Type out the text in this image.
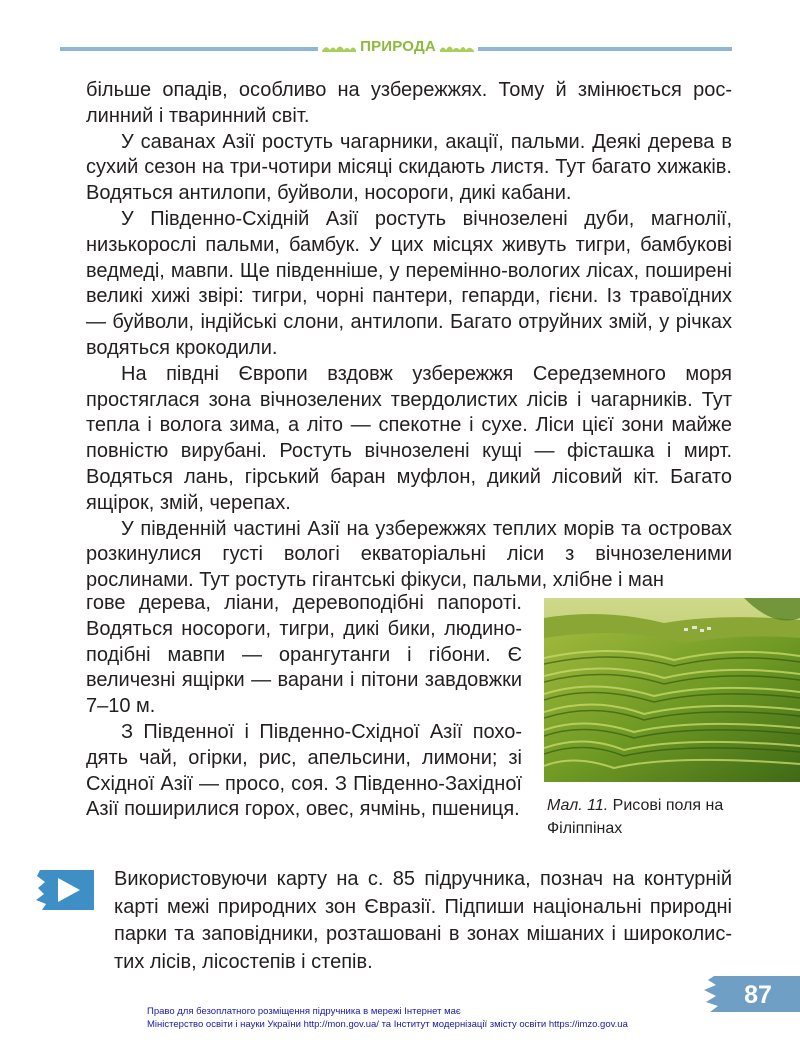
ПРИРОДА

більше опадів, особливо на узбережжях. Тому й змінюється рослинний і тваринний світ.

У саванах Азії ростуть чагарники, акації, пальми. Деякі дерева в сухий сезон на три-чотири місяці скидають листя. Тут багато хижаків. Водяться антилопи, буйволи, носороги, дикі кабани.

У Південно-Східній Азії ростуть вічнозелені дуби, магнолії, низькорослі пальми, бамбук. У цих місцях живуть тигри, бамбукові ведмеді, мавпи. Ще південніше, у перемінно-вологих лісах, поширені великі хижі звірі: тигри, чорні пантери, гепарди, гієни. Із травоїдних — буйволи, індійські слони, антилопи. Багато отруйних змій, у річках водяться крокодили.

На півдні Європи вздовж узбережжя Середземного моря простяглася зона вічнозелених твердолистих лісів і чагарників. Тут тепла і волога зима, а літо — спекотне і сухе. Ліси цієї зони майже повністю вирубані. Ростуть вічнозелені кущі — фісташка і мирт. Водяться лань, гірський баран муфлон, дикий лісовий кіт. Багато ящірок, змій, черепах.

У південній частині Азії на узбережжях теплих морів та островах розкинулися густі вологі екваторіальні ліси з вічнозеленими рослинами. Тут ростуть гігантські фікуси, пальми, хлібне і ман

гове дерева, ліани, деревоподібні папороті. Водяться носороги, тигри, дикі бики, людиноподібні мавпи — орангутанги і гібони. Є величезні ящірки — варани і пітони завдовжки 7–10 м.

З Південної і Південно-Східної Азії походять чай, огірки, рис, апельсини, лимони; зі Східної Азії — просо, соя. З Південно-Західної Азії поширилися горох, овес, ячмінь, пшениця. Мал. 11. Рисові поля на Філіппінах

Використовуючи карту на с. 85 підручника, познач на контурній карті межі природних зон Євразії. Підпиши національні природні парки та заповідники, розташовані в зонах мішаних і широколистих лісів, лісостепів і степів.

87
Право для безоплатного розміщення підручника в мережі Інтернет має
Міністерство освіти і науки України http://mon.gov.ua/ та Інститут модернізації змісту освіти https://imzo.gov.ua
